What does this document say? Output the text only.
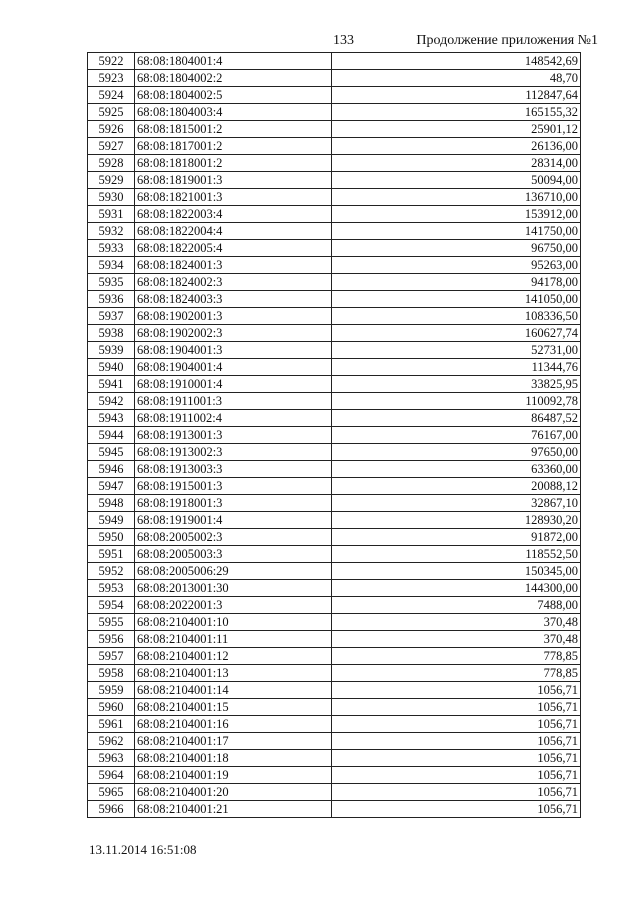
133	Продолжение приложения №1
5922	68:08:1804001:4	148542,69
5923	68:08:1804002:2	48,70
5924	68:08:1804002:5	112847,64
5925	68:08:1804003:4	165155,32
5926	68:08:1815001:2	25901,12
5927	68:08:1817001:2	26136,00
5928	68:08:1818001:2	28314,00
5929	68:08:1819001:3	50094,00
5930	68:08:1821001:3	136710,00
5931	68:08:1822003:4	153912,00
5932	68:08:1822004:4	141750,00
5933	68:08:1822005:4	96750,00
5934	68:08:1824001:3	95263,00
5935	68:08:1824002:3	94178,00
5936	68:08:1824003:3	141050,00
5937	68:08:1902001:3	108336,50
5938	68:08:1902002:3	160627,74
5939	68:08:1904001:3	52731,00
5940	68:08:1904001:4	11344,76
5941	68:08:1910001:4	33825,95
5942	68:08:1911001:3	110092,78
5943	68:08:1911002:4	86487,52
5944	68:08:1913001:3	76167,00
5945	68:08:1913002:3	97650,00
5946	68:08:1913003:3	63360,00
5947	68:08:1915001:3	20088,12
5948	68:08:1918001:3	32867,10
5949	68:08:1919001:4	128930,20
5950	68:08:2005002:3	91872,00
5951	68:08:2005003:3	118552,50
5952	68:08:2005006:29	150345,00
5953	68:08:2013001:30	144300,00
5954	68:08:2022001:3	7488,00
5955	68:08:2104001:10	370,48
5956	68:08:2104001:11	370,48
5957	68:08:2104001:12	778,85
5958	68:08:2104001:13	778,85
5959	68:08:2104001:14	1056,71
5960	68:08:2104001:15	1056,71
5961	68:08:2104001:16	1056,71
5962	68:08:2104001:17	1056,71
5963	68:08:2104001:18	1056,71
5964	68:08:2104001:19	1056,71
5965	68:08:2104001:20	1056,71
5966	68:08:2104001:21	1056,71
13.11.2014 16:51:08
